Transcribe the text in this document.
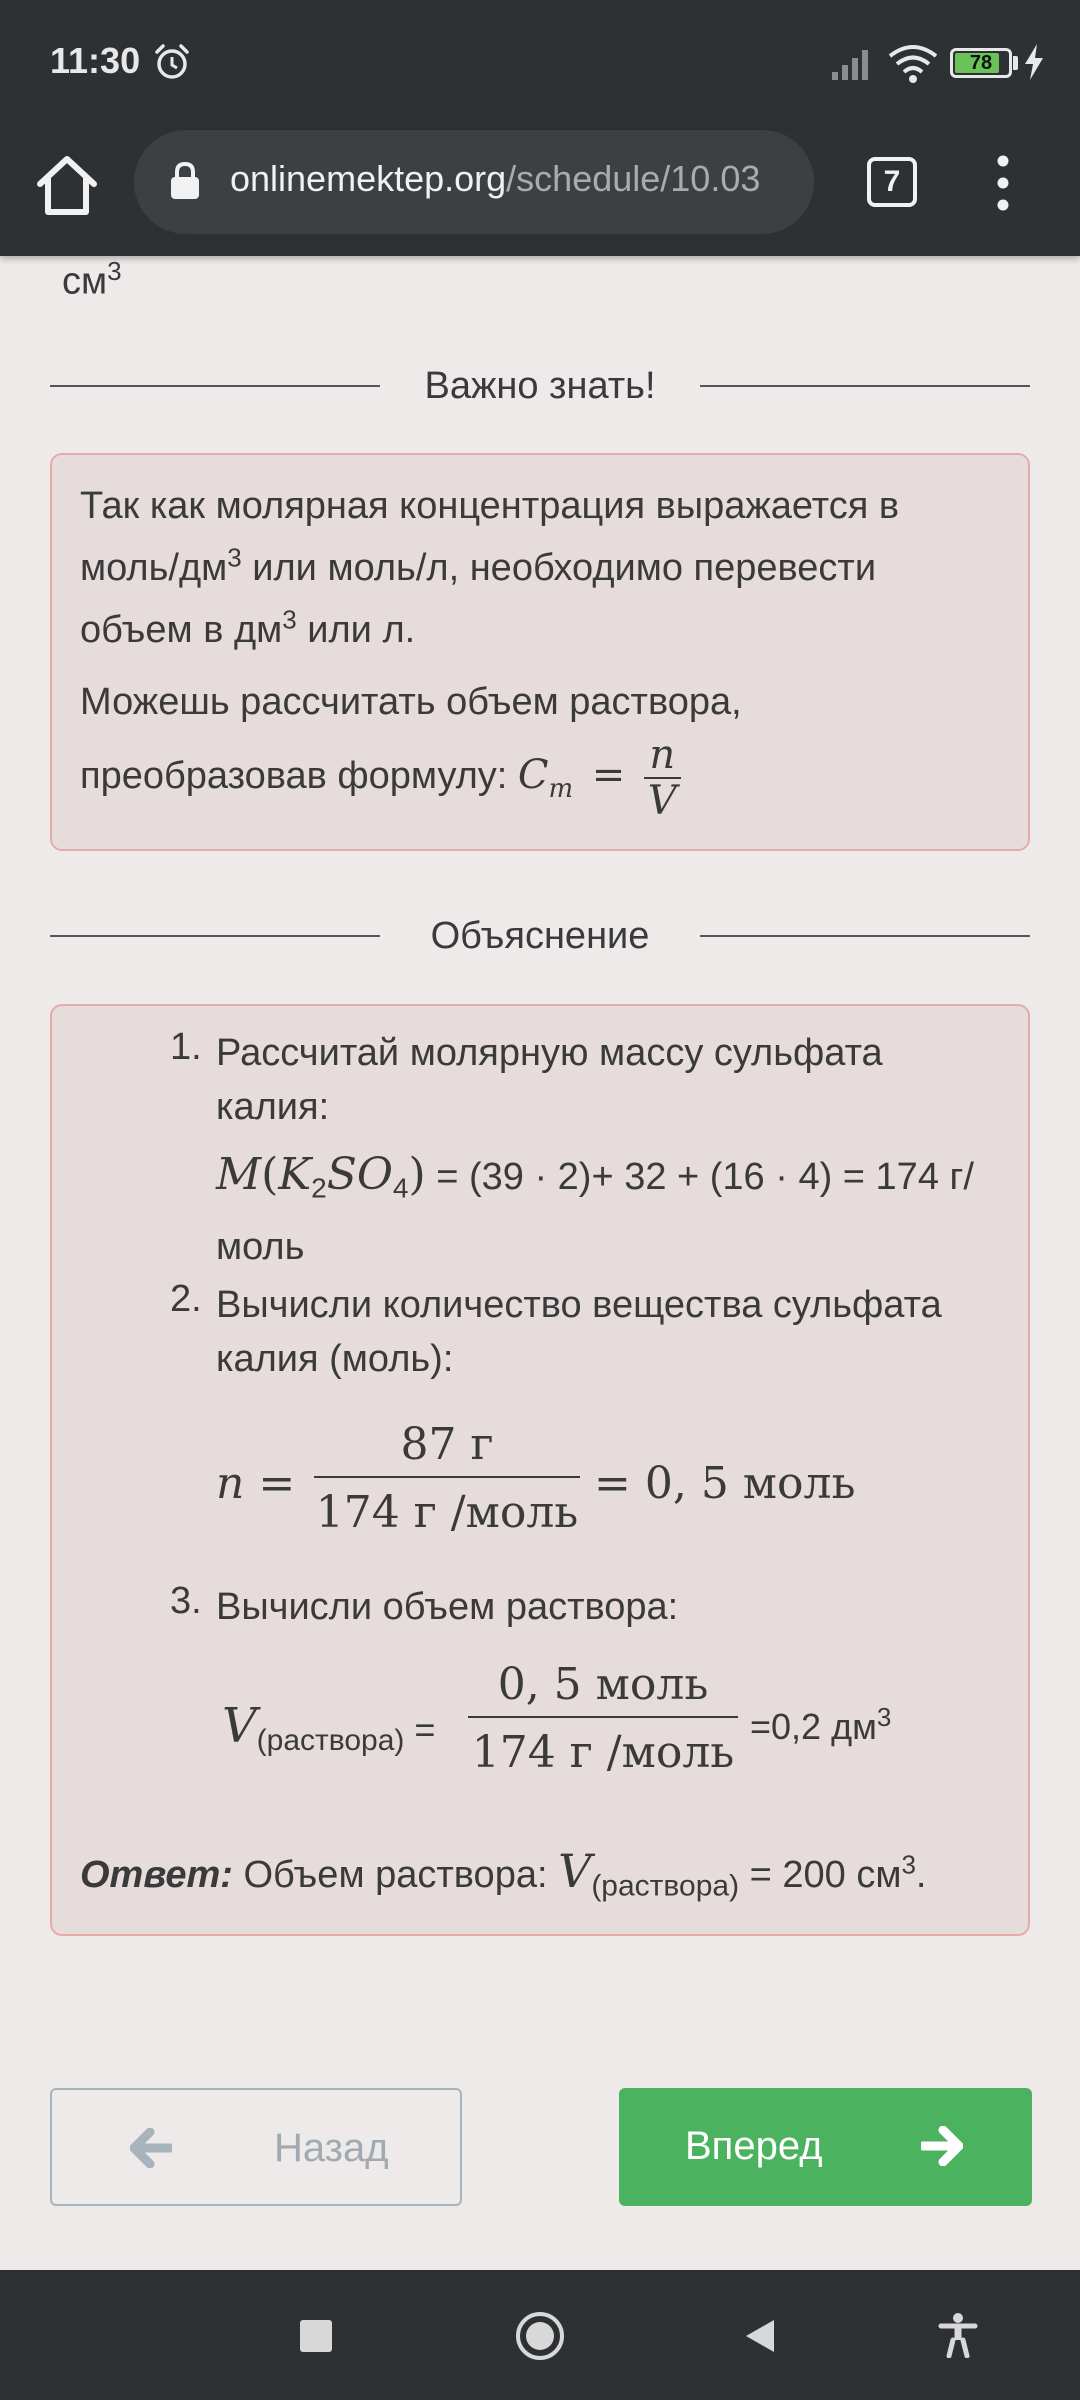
11:30	78
onlinemektep.org/schedule/10.03	7
$см^3$
Важно знать!

Так как молярная концентрация выражается в

моль/$дм^3$ или моль/л, необходимо перевести

объем в $дм^3$ или л.

Можешь рассчитать объем раствора,

преобразовав формулу: $C_m = \frac{n}{V}$

Объяснение
1. Рассчитай молярную массу сульфата
калия:
$M(K_2SO_4) = (39 \cdot 2)+ 32 + (16 \cdot 4) = 174$ г/
моль
2. Вычисли количество вещества сульфата
калия (моль):
n =
87 г
174 г /моль
= 0, 5 моль
3. Вычисли объем раствора:
$V_{(раствора)}$ =
0, 5 моль
174 г /моль
=0,2 $дм^3$
Ответ: Объем раствора: $V_{(раствора)} = 200$ $см^3$.
Назад	Вперед
